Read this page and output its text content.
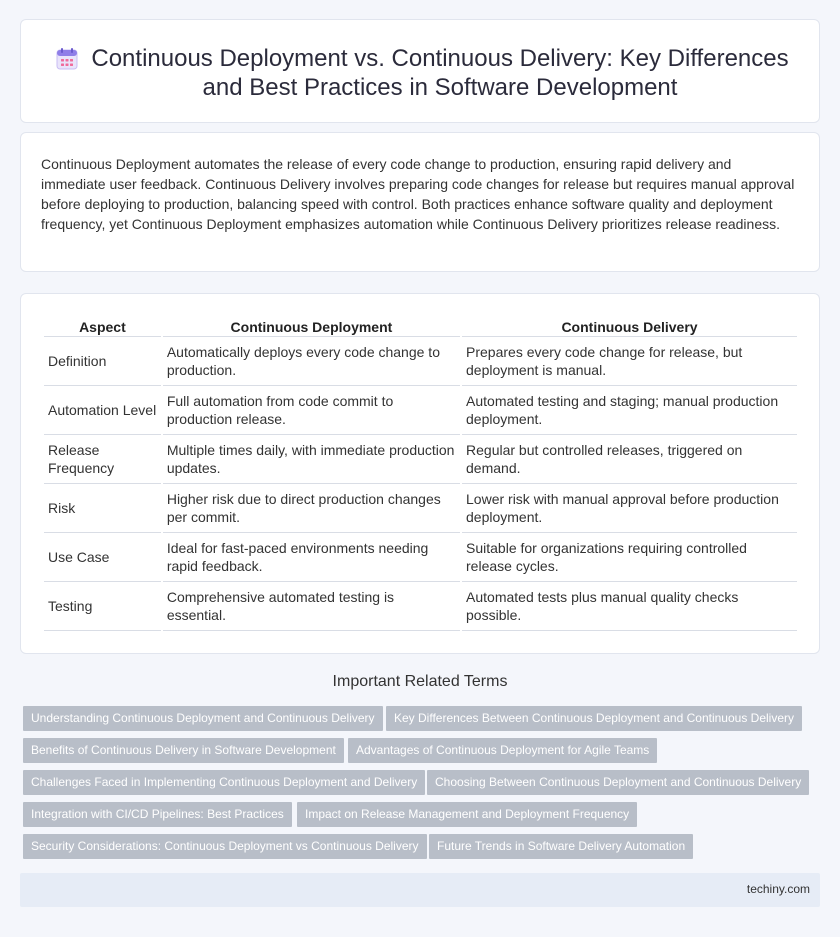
Continuous Deployment vs. Continuous Delivery: Key Differences and Best Practices in Software Development

Continuous Deployment automates the release of every code change to production, ensuring rapid delivery and immediate user feedback. Continuous Delivery involves preparing code changes for release but requires manual approval before deploying to production, balancing speed with control. Both practices enhance software quality and deployment frequency, yet Continuous Deployment emphasizes automation while Continuous Delivery prioritizes release readiness.

Aspect	Continuous Deployment	Continuous Delivery
Definition	Automatically deploys every code change to production.	Prepares every code change for release, but deployment is manual.
Automation Level	Full automation from code commit to production release.	Automated testing and staging; manual production deployment.
Release Frequency	Multiple times daily, with immediate production updates.	Regular but controlled releases, triggered on demand.
Risk	Higher risk due to direct production changes per commit.	Lower risk with manual approval before production deployment.
Use Case	Ideal for fast-paced environments needing rapid feedback.	Suitable for organizations requiring controlled release cycles.
Testing	Comprehensive automated testing is essential.	Automated tests plus manual quality checks possible.
Important Related Terms
Understanding Continuous Deployment and Continuous Delivery	Key Differences Between Continuous Deployment and Continuous Delivery
Benefits of Continuous Delivery in Software Development	Advantages of Continuous Deployment for Agile Teams
Challenges Faced in Implementing Continuous Deployment and Delivery	Choosing Between Continuous Deployment and Continuous Delivery
Integration with CI/CD Pipelines: Best Practices	Impact on Release Management and Deployment Frequency
Security Considerations: Continuous Deployment vs Continuous Delivery	Future Trends in Software Delivery Automation
techiny.com
